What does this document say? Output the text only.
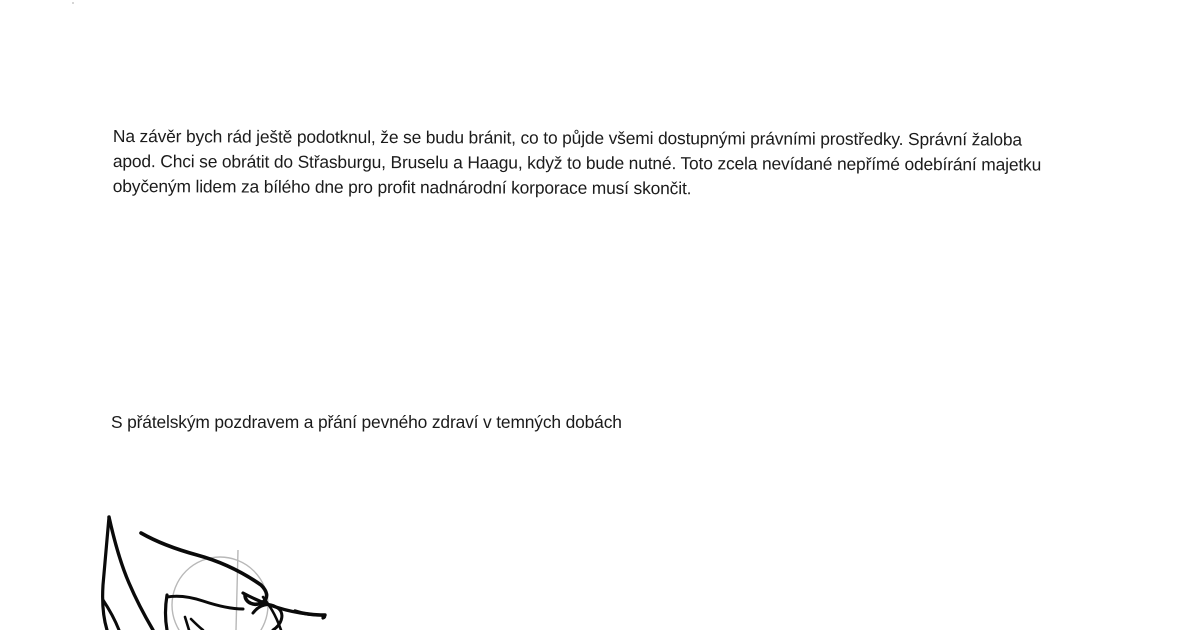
Na závěr bych rád ještě podotknul, že se budu bránit, co to půjde všemi dostupnými právními prostředky. Správní žaloba
apod. Chci se obrátit do Střasburgu, Bruselu a Haagu, když to bude nutné. Toto zcela nevídané nepřímé odebírání majetku
obyčeným lidem za bílého dne pro profit nadnárodní korporace musí skončit.

S přátelským pozdravem a přání pevného zdraví v temných dobách
